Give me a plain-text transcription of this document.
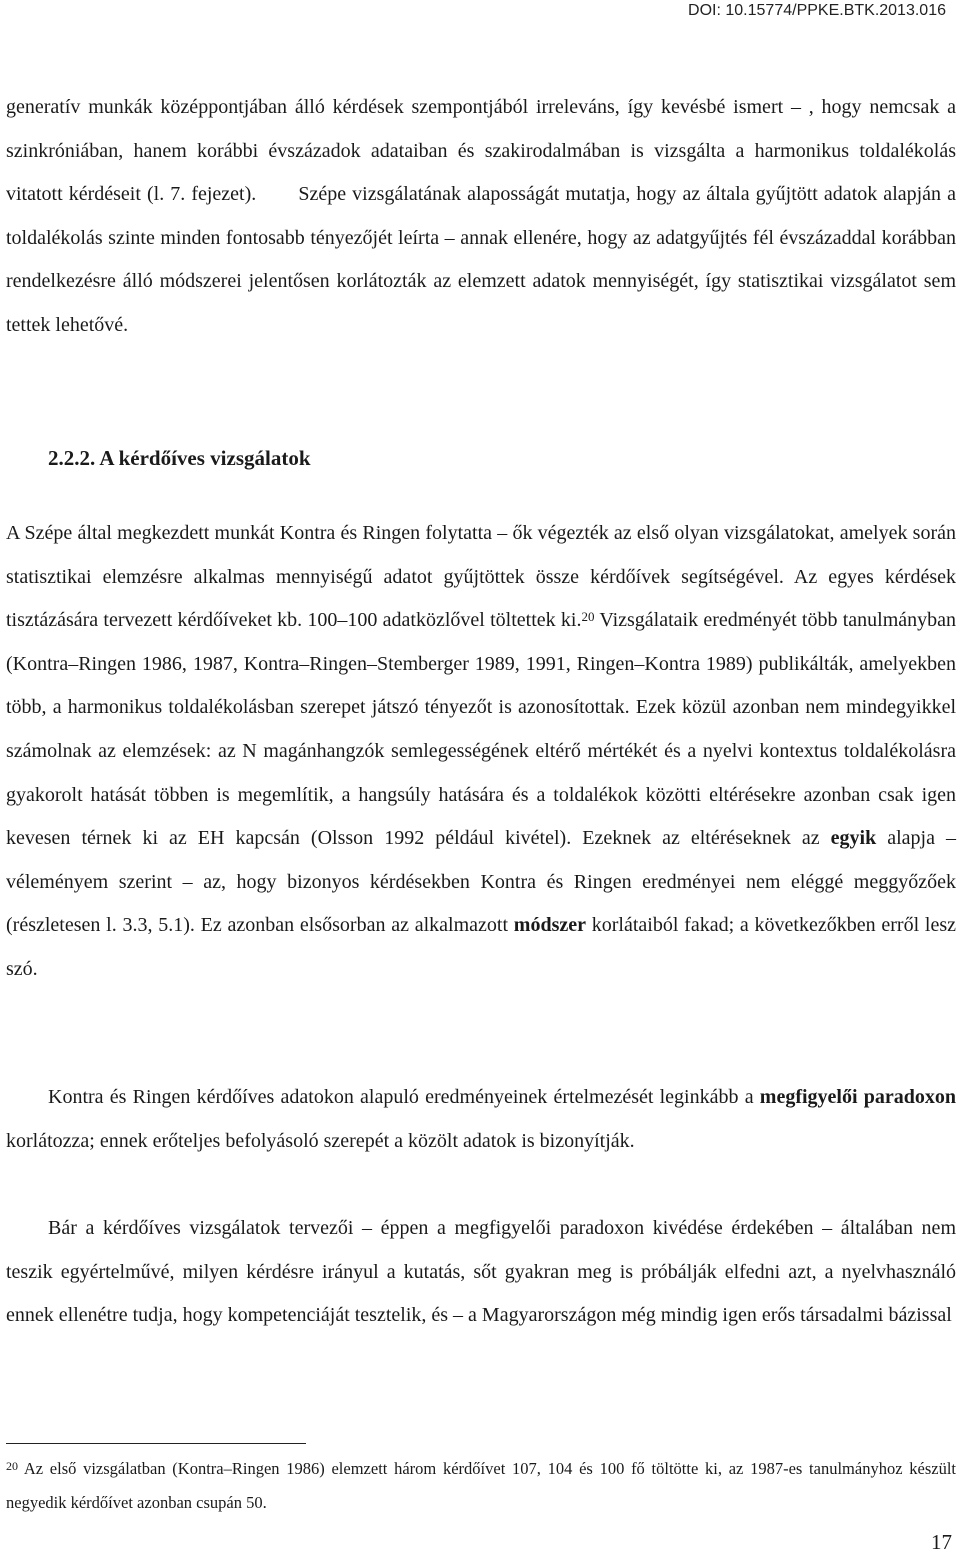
DOI: 10.15774/PPKE.BTK.2013.016

generatív munkák középpontjában álló kérdések szempontjából irreleváns, így kevésbé ismert – , hogy nemcsak a szinkróniában, hanem korábbi évszázadok adataiban és szakirodalmában is vizsgálta a harmonikus toldalékolás vitatott kérdéseit (l. 7. fejezet). Szépe vizsgálatának alaposságát mutatja, hogy az általa gyűjtött adatok alapján a toldalékolás szinte minden fontosabb tényezőjét leírta – annak ellenére, hogy az adatgyűjtés fél évszázaddal korábban rendelkezésre álló módszerei jelentősen korlátozták az elemzett adatok mennyiségét, így statisztikai vizsgálatot sem tettek lehetővé.

2.2.2. A kérdőíves vizsgálatok

A Szépe által megkezdett munkát Kontra és Ringen folytatta – ők végezték az első olyan vizsgálatokat, amelyek során statisztikai elemzésre alkalmas mennyiségű adatot gyűjtöttek össze kérdőívek segítségével. Az egyes kérdések tisztázására tervezett kérdőíveket kb. 100–100 adatközlővel töltettek ki.$^{20}$ Vizsgálataik eredményét több tanulmányban (Kontra–Ringen 1986, 1987, Kontra–Ringen–Stemberger 1989, 1991, Ringen–Kontra 1989) publikálták, amelyekben több, a harmonikus toldalékolásban szerepet játszó tényezőt is azonosítottak. Ezek közül azonban nem mindegyikkel számolnak az elemzések: az N magánhangzók semlegességének eltérő mértékét és a nyelvi kontextus toldalékolásra gyakorolt hatását többen is megemlítik, a hangsúly hatására és a toldalékok közötti eltérésekre azonban csak igen kevesen térnek ki az EH kapcsán (Olsson 1992 például kivétel). Ezeknek az eltéréseknek az egyik alapja – véleményem szerint – az, hogy bizonyos kérdésekben Kontra és Ringen eredményei nem eléggé meggyőzőek (részletesen l. 3.3, 5.1). Ez azonban elsősorban az alkalmazott módszer korlátaiból fakad; a következőkben erről lesz szó.

Kontra és Ringen kérdőíves adatokon alapuló eredményeinek értelmezését leginkább a megfigyelői paradoxon korlátozza; ennek erőteljes befolyásoló szerepét a közölt adatok is bizonyítják.

Bár a kérdőíves vizsgálatok tervezői – éppen a megfigyelői paradoxon kivédése érdekében – általában nem teszik egyértelművé, milyen kérdésre irányul a kutatás, sőt gyakran meg is próbálják elfedni azt, a nyelvhasználó ennek ellenétre tudja, hogy kompetenciáját tesztelik, és – a Magyarországon még mindig igen erős társadalmi bázissal

$^{20}$ Az első vizsgálatban (Kontra–Ringen 1986) elemzett három kérdőívet 107, 104 és 100 fő töltötte ki, az 1987-es tanulmányhoz készült negyedik kérdőívet azonban csupán 50.
17
